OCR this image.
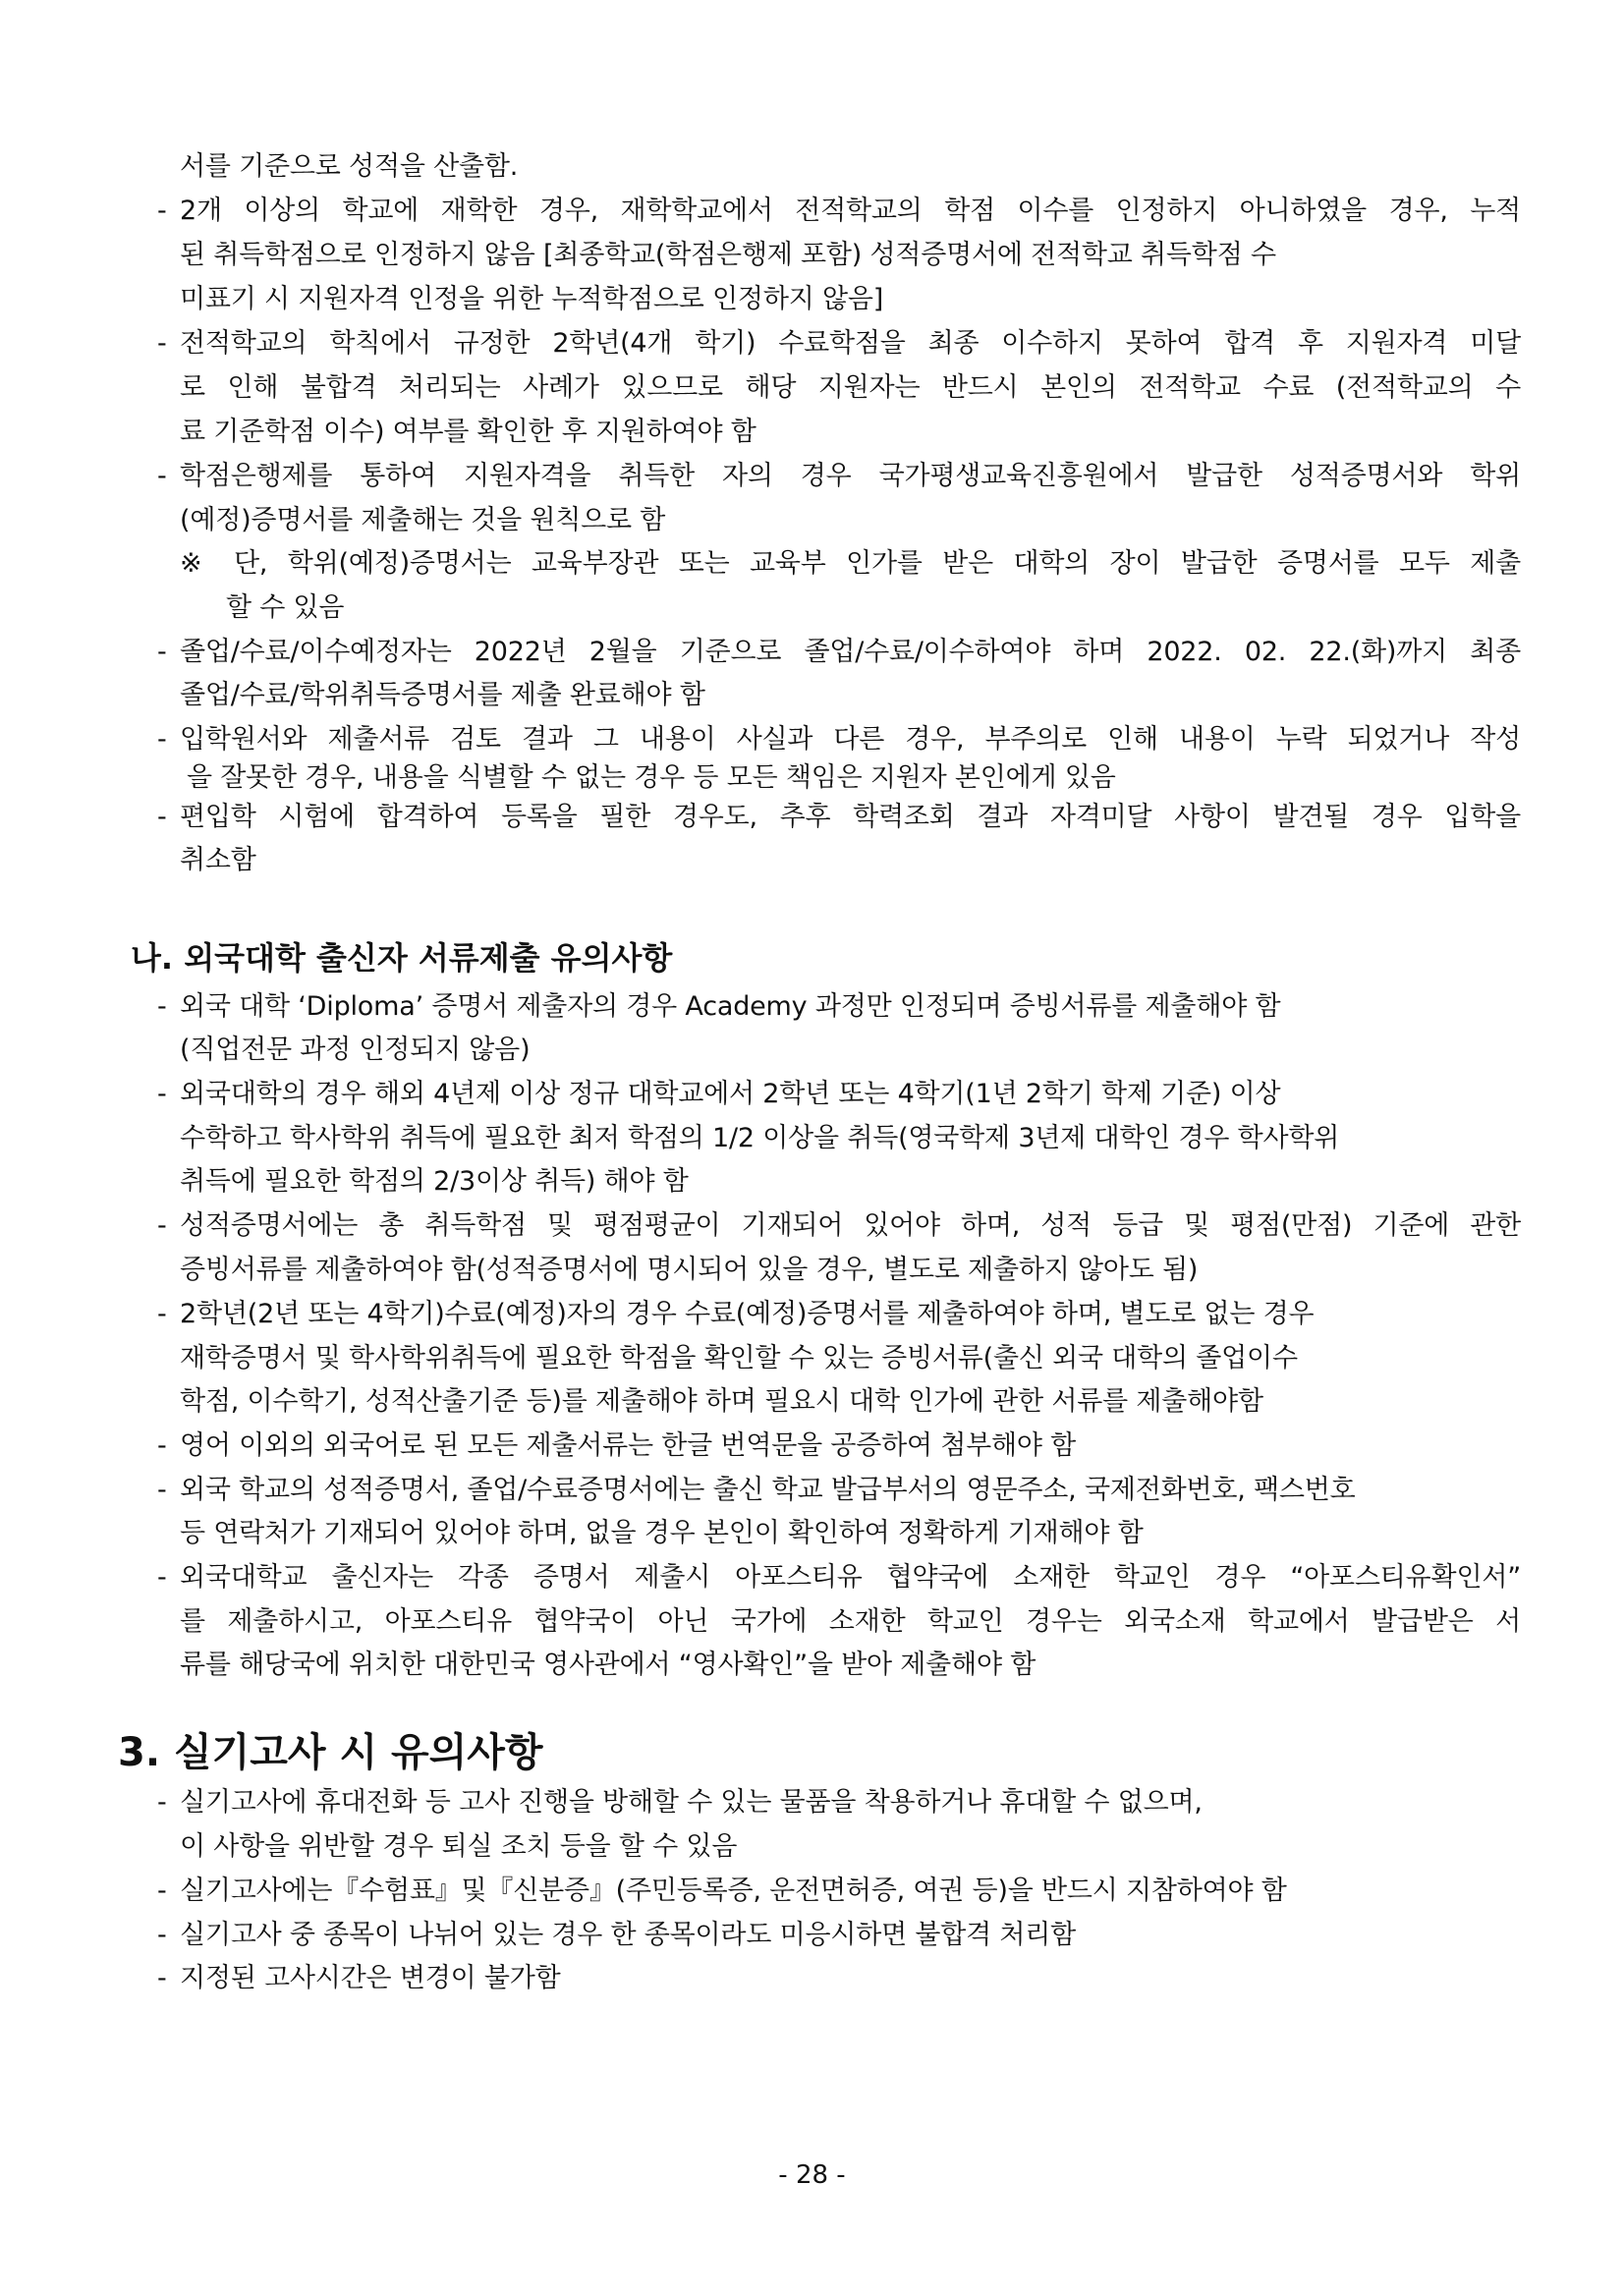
서를 기준으로 성적을 산출함.
- 2개 이상의 학교에 재학한 경우, 재학학교에서 전적학교의 학점 이수를 인정하지 아니하였을 경우, 누적
된 취득학점으로 인정하지 않음 [최종학교(학점은행제 포함) 성적증명서에 전적학교 취득학점 수
미표기 시 지원자격 인정을 위한 누적학점으로 인정하지 않음]
- 전적학교의 학칙에서 규정한 2학년(4개 학기) 수료학점을 최종 이수하지 못하여 합격 후 지원자격 미달
로 인해 불합격 처리되는 사례가 있으므로 해당 지원자는 반드시 본인의 전적학교 수료 (전적학교의 수
료 기준학점 이수) 여부를 확인한 후 지원하여야 함
- 학점은행제를 통하여 지원자격을 취득한 자의 경우 국가평생교육진흥원에서 발급한 성적증명서와 학위
(예정)증명서를 제출해는 것을 원칙으로 함
※ 단, 학위(예정)증명서는 교육부장관 또는 교육부 인가를 받은 대학의 장이 발급한 증명서를 모두 제출
할 수 있음
- 졸업/수료/이수예정자는 2022년 2월을 기준으로 졸업/수료/이수하여야 하며 2022. 02. 22.(화)까지 최종
졸업/수료/학위취득증명서를 제출 완료해야 함
- 입학원서와 제출서류 검토 결과 그 내용이 사실과 다른 경우, 부주의로 인해 내용이 누락 되었거나 작성
을 잘못한 경우, 내용을 식별할 수 없는 경우 등 모든 책임은 지원자 본인에게 있음
- 편입학 시험에 합격하여 등록을 필한 경우도, 추후 학력조회 결과 자격미달 사항이 발견될 경우 입학을
취소함
나. 외국대학 출신자 서류제출 유의사항
- 외국 대학 ‘Diploma’ 증명서 제출자의 경우 Academy 과정만 인정되며 증빙서류를 제출해야 함
(직업전문 과정 인정되지 않음)
- 외국대학의 경우 해외 4년제 이상 정규 대학교에서 2학년 또는 4학기(1년 2학기 학제 기준) 이상
수학하고 학사학위 취득에 필요한 최저 학점의 1/2 이상을 취득(영국학제 3년제 대학인 경우 학사학위
취득에 필요한 학점의 2/3이상 취득) 해야 함
- 성적증명서에는 총 취득학점 및 평점평균이 기재되어 있어야 하며, 성적 등급 및 평점(만점) 기준에 관한
증빙서류를 제출하여야 함(성적증명서에 명시되어 있을 경우, 별도로 제출하지 않아도 됨)
- 2학년(2년 또는 4학기)수료(예정)자의 경우 수료(예정)증명서를 제출하여야 하며, 별도로 없는 경우
재학증명서 및 학사학위취득에 필요한 학점을 확인할 수 있는 증빙서류(출신 외국 대학의 졸업이수
학점, 이수학기, 성적산출기준 등)를 제출해야 하며 필요시 대학 인가에 관한 서류를 제출해야함
- 영어 이외의 외국어로 된 모든 제출서류는 한글 번역문을 공증하여 첨부해야 함
- 외국 학교의 성적증명서, 졸업/수료증명서에는 출신 학교 발급부서의 영문주소, 국제전화번호, 팩스번호
등 연락처가 기재되어 있어야 하며, 없을 경우 본인이 확인하여 정확하게 기재해야 함
- 외국대학교 출신자는 각종 증명서 제출시 아포스티유 협약국에 소재한 학교인 경우 “아포스티유확인서”
를 제출하시고, 아포스티유 협약국이 아닌 국가에 소재한 학교인 경우는 외국소재 학교에서 발급받은 서
류를 해당국에 위치한 대한민국 영사관에서 “영사확인”을 받아 제출해야 함
3. 실기고사 시 유의사항
- 실기고사에 휴대전화 등 고사 진행을 방해할 수 있는 물품을 착용하거나 휴대할 수 없으며,
이 사항을 위반할 경우 퇴실 조치 등을 할 수 있음
- 실기고사에는『수험표』및『신분증』(주민등록증, 운전면허증, 여권 등)을 반드시 지참하여야 함
- 실기고사 중 종목이 나뉘어 있는 경우 한 종목이라도 미응시하면 불합격 처리함
- 지정된 고사시간은 변경이 불가함
- 28 -
